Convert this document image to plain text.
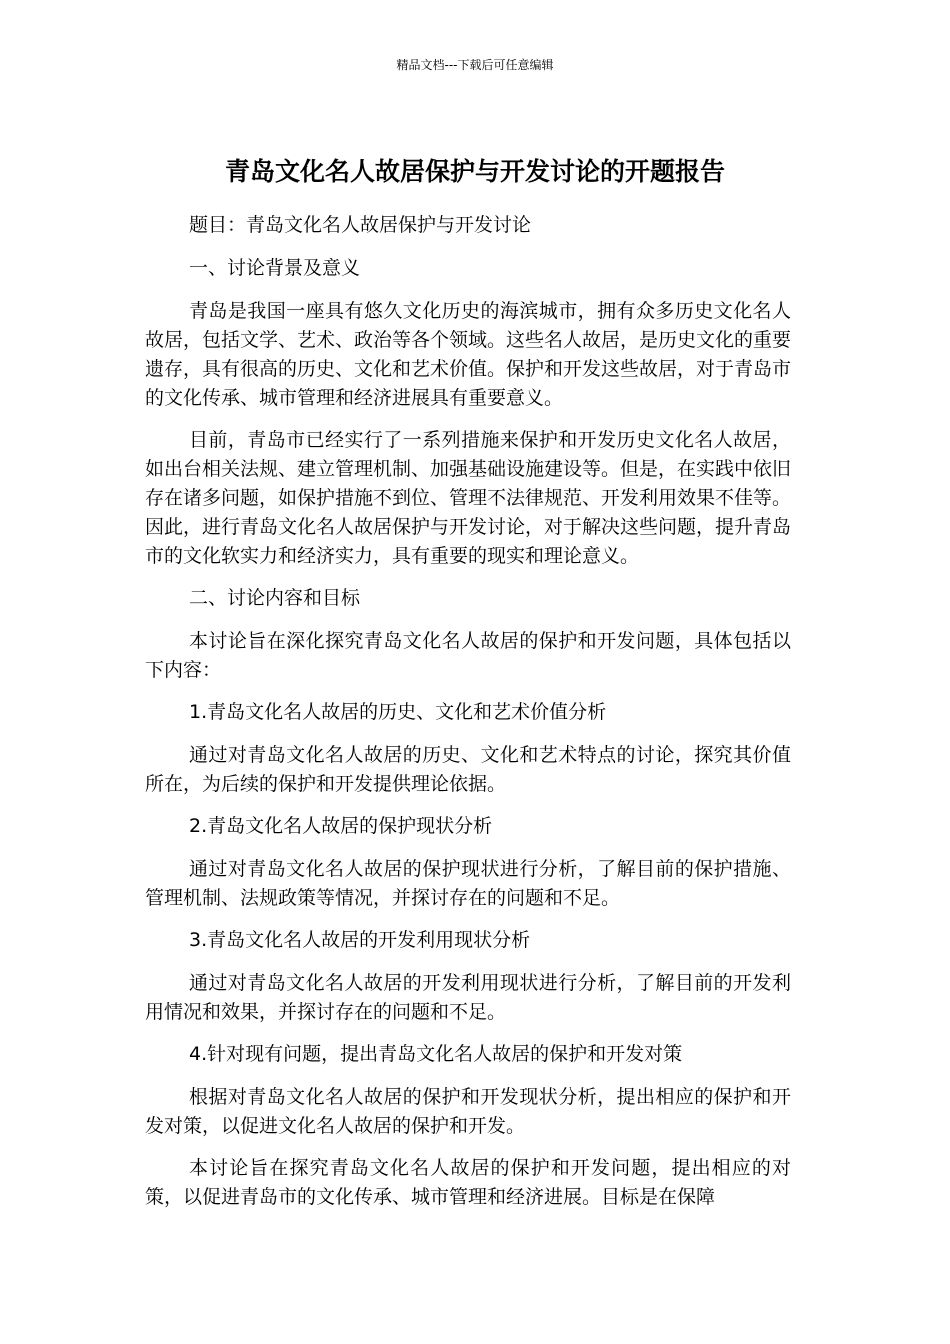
精品文档---下载后可任意编辑
青岛文化名人故居保护与开发讨论的开题报告

题目：青岛文化名人故居保护与开发讨论

一、讨论背景及意义

青岛是我国一座具有悠久文化历史的海滨城市，拥有众多历史文化名人故居，包括文学、艺术、政治等各个领域。这些名人故居，是历史文化的重要遗存，具有很高的历史、文化和艺术价值。保护和开发这些故居，对于青岛市的文化传承、城市管理和经济进展具有重要意义。

目前，青岛市已经实行了一系列措施来保护和开发历史文化名人故居，如出台相关法规、建立管理机制、加强基础设施建设等。但是，在实践中依旧存在诸多问题，如保护措施不到位、管理不法律规范、开发利用效果不佳等。因此，进行青岛文化名人故居保护与开发讨论，对于解决这些问题，提升青岛市的文化软实力和经济实力，具有重要的现实和理论意义。

二、讨论内容和目标

本讨论旨在深化探究青岛文化名人故居的保护和开发问题，具体包括以下内容：

1.青岛文化名人故居的历史、文化和艺术价值分析

通过对青岛文化名人故居的历史、文化和艺术特点的讨论，探究其价值所在，为后续的保护和开发提供理论依据。

2.青岛文化名人故居的保护现状分析

通过对青岛文化名人故居的保护现状进行分析，了解目前的保护措施、管理机制、法规政策等情况，并探讨存在的问题和不足。

3.青岛文化名人故居的开发利用现状分析

通过对青岛文化名人故居的开发利用现状进行分析，了解目前的开发利用情况和效果，并探讨存在的问题和不足。

4.针对现有问题，提出青岛文化名人故居的保护和开发对策

根据对青岛文化名人故居的保护和开发现状分析，提出相应的保护和开发对策，以促进文化名人故居的保护和开发。

本讨论旨在探究青岛文化名人故居的保护和开发问题，提出相应的对策，以促进青岛市的文化传承、城市管理和经济进展。目标是在保障
